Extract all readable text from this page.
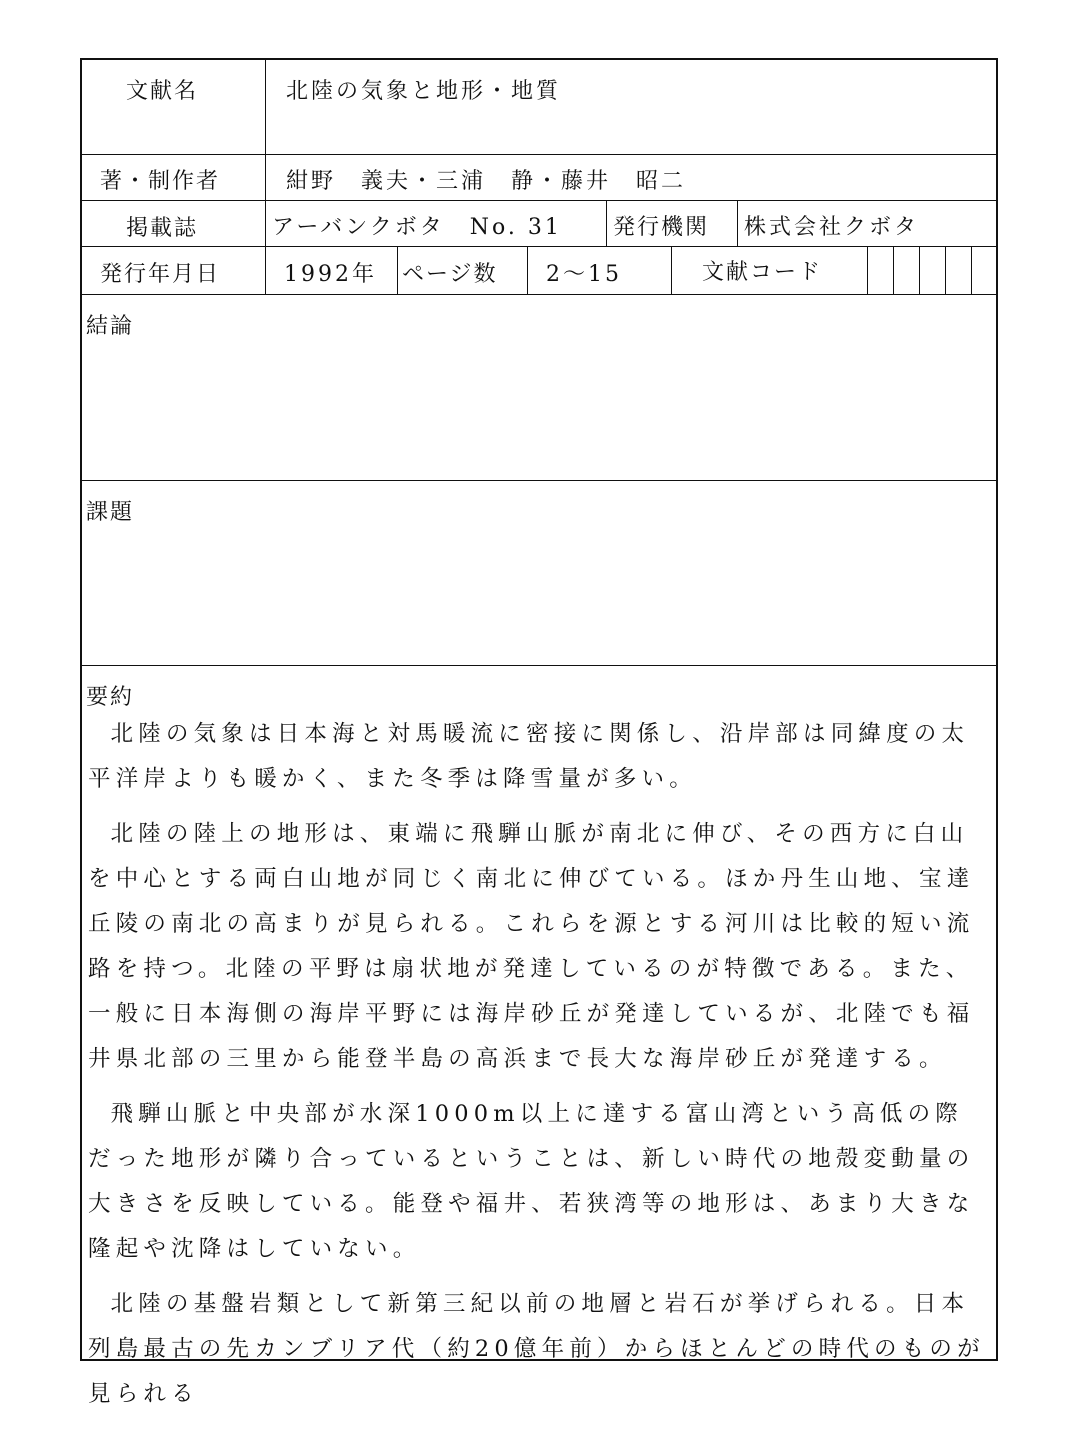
文献名	北陸の気象と地形・地質
著・制作者	紺野　義夫・三浦　静・藤井　昭二
掲載誌	アーバンクボタ　No. 31 発行機関 株式会社クボタ
発行年月日	1992年 ページ数 2～15	文献コード
結論
課題
要約

北陸の気象は日本海と対馬暖流に密接に関係し、沿岸部は同緯度の太平洋岸よりも暖かく、また冬季は降雪量が多い。

北陸の陸上の地形は、東端に飛騨山脈が南北に伸び、その西方に白山を中心とする両白山地が同じく南北に伸びている。ほか丹生山地、宝達丘陵の南北の高まりが見られる。これらを源とする河川は比較的短い流路を持つ。北陸の平野は扇状地が発達しているのが特徴である。また、一般に日本海側の海岸平野には海岸砂丘が発達しているが、北陸でも福井県北部の三里から能登半島の高浜まで長大な海岸砂丘が発達する。

飛騨山脈と中央部が水深1000m以上に達する富山湾という高低の際だった地形が隣り合っているということは、新しい時代の地殻変動量の大きさを反映している。能登や福井、若狭湾等の地形は、あまり大きな隆起や沈降はしていない。

北陸の基盤岩類として新第三紀以前の地層と岩石が挙げられる。日本列島最古の先カンブリア代（約20億年前）からほとんどの時代のものが見られる
